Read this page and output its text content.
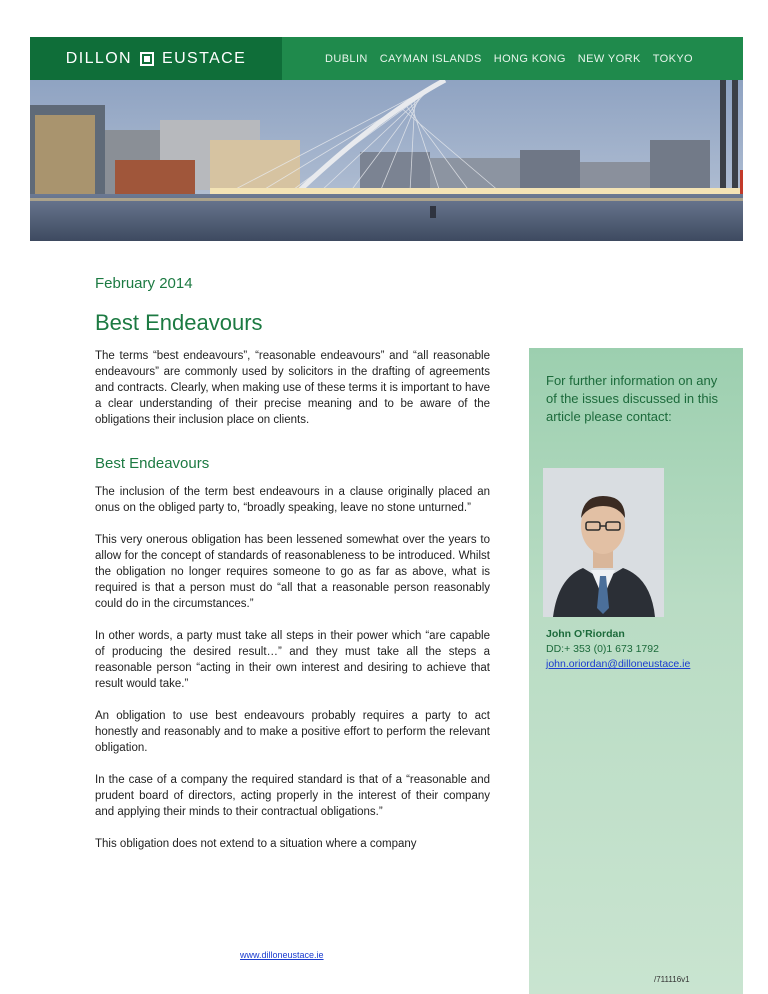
DILLON EUSTACE	DUBLIN CAYMAN ISLANDS HONG KONG NEW YORK TOKYO
February 2014
Best Endeavours
For further information on any of the issues discussed in this article please contact:
John O’Riordan
DD:+ 353 (0)1 673 1792
john.oriordan@dilloneustace.ie

The terms “best endeavours”, “reasonable endeavours” and “all reasonable endeavours” are commonly used by solicitors in the drafting of agreements and contracts. Clearly, when making use of these terms it is important to have a clear understanding of their precise meaning and to be aware of the obligations their inclusion place on clients.

Best Endeavours

The inclusion of the term best endeavours in a clause originally placed an onus on the obliged party to, “broadly speaking, leave no stone unturned.”

This very onerous obligation has been lessened somewhat over the years to allow for the concept of standards of reasonableness to be introduced. Whilst the obligation no longer requires someone to go as far as above, what is required is that a person must do “all that a reasonable person reasonably could do in the circumstances.”

In other words, a party must take all steps in their power which “are capable of producing the desired result…” and they must take all the steps a reasonable person “acting in their own interest and desiring to achieve that result would take.”

An obligation to use best endeavours probably requires a party to act honestly and reasonably and to make a positive effort to perform the relevant obligation.

In the case of a company the required standard is that of a “reasonable and prudent board of directors, acting properly in the interest of their company and applying their minds to their contractual obligations.”

This obligation does not extend to a situation where a company

www.dilloneustace.ie
/711116v1
